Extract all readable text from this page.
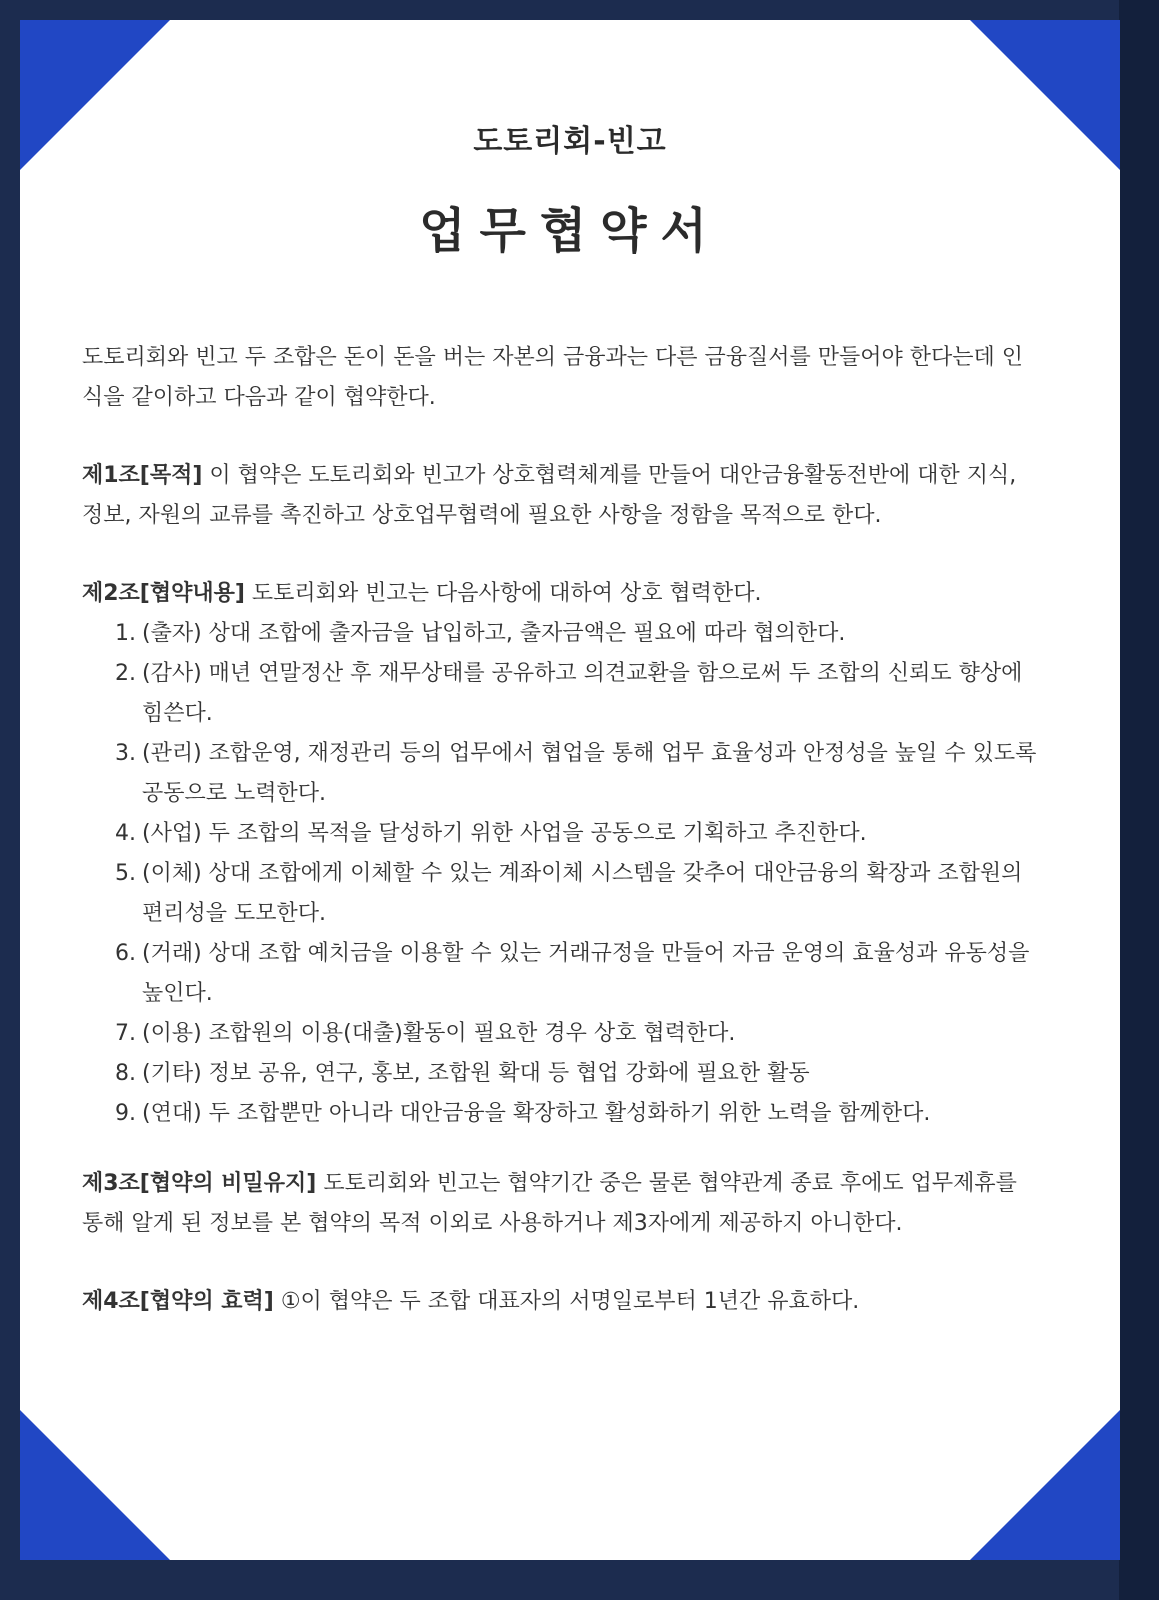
도토리회-빈고
업무협약서

도토리회와 빈고 두 조합은 돈이 돈을 버는 자본의 금융과는 다른 금융질서를 만들어야 한다는데 인식을 같이하고 다음과 같이 협약한다.

제1조[목적] 이 협약은 도토리회와 빈고가 상호협력체계를 만들어 대안금융활동전반에 대한 지식, 정보, 자원의 교류를 촉진하고 상호업무협력에 필요한 사항을 정함을 목적으로 한다.

제2조[협약내용] 도토리회와 빈고는 다음사항에 대하여 상호 협력한다.
1. (출자) 상대 조합에 출자금을 납입하고, 출자금액은 필요에 따라 협의한다.
2. (감사) 매년 연말정산 후 재무상태를 공유하고 의견교환을 함으로써 두 조합의 신뢰도 향상에 힘쓴다.
3. (관리) 조합운영, 재정관리 등의 업무에서 협업을 통해 업무 효율성과 안정성을 높일 수 있도록 공동으로 노력한다.
4. (사업) 두 조합의 목적을 달성하기 위한 사업을 공동으로 기획하고 추진한다.
5. (이체) 상대 조합에게 이체할 수 있는 계좌이체 시스템을 갖추어 대안금융의 확장과 조합원의 편리성을 도모한다.
6. (거래) 상대 조합 예치금을 이용할 수 있는 거래규정을 만들어 자금 운영의 효율성과 유동성을 높인다.
7. (이용) 조합원의 이용(대출)활동이 필요한 경우 상호 협력한다.
8. (기타) 정보 공유, 연구, 홍보, 조합원 확대 등 협업 강화에 필요한 활동
9. (연대) 두 조합뿐만 아니라 대안금융을 확장하고 활성화하기 위한 노력을 함께한다.

제3조[협약의 비밀유지] 도토리회와 빈고는 협약기간 중은 물론 협약관계 종료 후에도 업무제휴를 통해 알게 된 정보를 본 협약의 목적 이외로 사용하거나 제3자에게 제공하지 아니한다.

제4조[협약의 효력] ①이 협약은 두 조합 대표자의 서명일로부터 1년간 유효하다.
